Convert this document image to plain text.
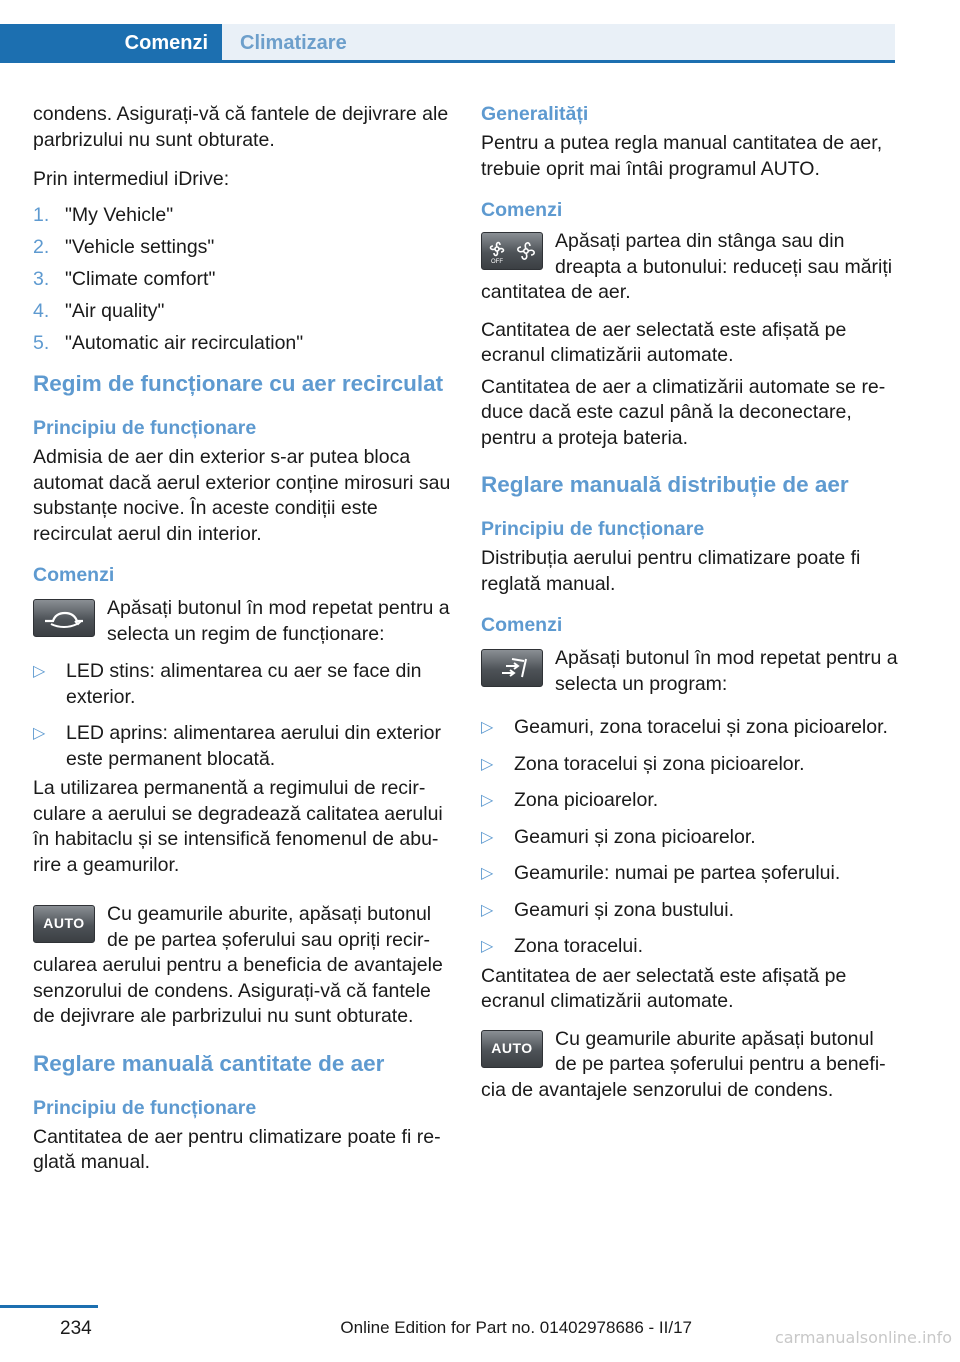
Comenzi	Climatizare

condens. Asigurați-vă că fantele de dejivrare ale parbrizului nu sunt obturate.

Prin intermediul iDrive:

1. "My Vehicle"
2. "Vehicle settings"
3. "Climate comfort"
4. "Air quality"
5. "Automatic air recirculation"
Regim de funcționare cu aer recirculat
Principiu de funcționare

Admisia de aer din exterior s-ar putea bloca automat dacă aerul exterior conține mirosuri sau substanțe nocive. În aceste condiții este recirculat aerul din interior.

Comenzi
Apăsați butonul în mod repetat pentru a selecta un regim de funcționare:
▷	LED stins: alimentarea cu aer se face din exterior.
▷	LED aprins: alimentarea aerului din exterior este permanent blocată.

La utilizarea permanentă a regimului de recirculare a aerului se degradează calitatea aerului în habitaclu și se intensifică fenomenul de aburire a geamurilor.

AUTO Cu geamurile aburite, apăsați butonul de pe partea șoferului sau opriți recircularea aerului pentru a beneficia de avantajele senzorului de condens. Asigurați-vă că fantele de dejivrare ale parbrizului nu sunt obturate.
Reglare manuală cantitate de aer
Principiu de funcționare

Cantitatea de aer pentru climatizare poate fi reglată manual.

Generalități

Pentru a putea regla manual cantitatea de aer, trebuie oprit mai întâi programul AUTO.

Comenzi
OFF
Apăsați partea din stânga sau din dreapta a butonului: reduceți sau măriți cantitatea de aer.

Cantitatea de aer selectată este afișată pe ecranul climatizării automate.

Cantitatea de aer a climatizării automate se reduce dacă este cazul până la deconectare, pentru a proteja bateria.

Reglare manuală distribuție de aer
Principiu de funcționare

Distribuția aerului pentru climatizare poate fi reglată manual.

Comenzi
Apăsați butonul în mod repetat pentru a selecta un program:
▷	Geamuri, zona toracelui și zona picioarelor.
▷	Zona toracelui și zona picioarelor.
▷	Zona picioarelor.
▷	Geamuri și zona picioarelor.
▷	Geamurile: numai pe partea șoferului.
▷	Geamuri și zona bustului.
▷	Zona toracelui.

Cantitatea de aer selectată este afișată pe ecranul climatizării automate.

AUTO Cu geamurile aburite apăsați butonul de pe partea șoferului pentru a beneficia de avantajele senzorului de condens.
234	Online Edition for Part no. 01402978686 - II/17
carmanualsonline.info
